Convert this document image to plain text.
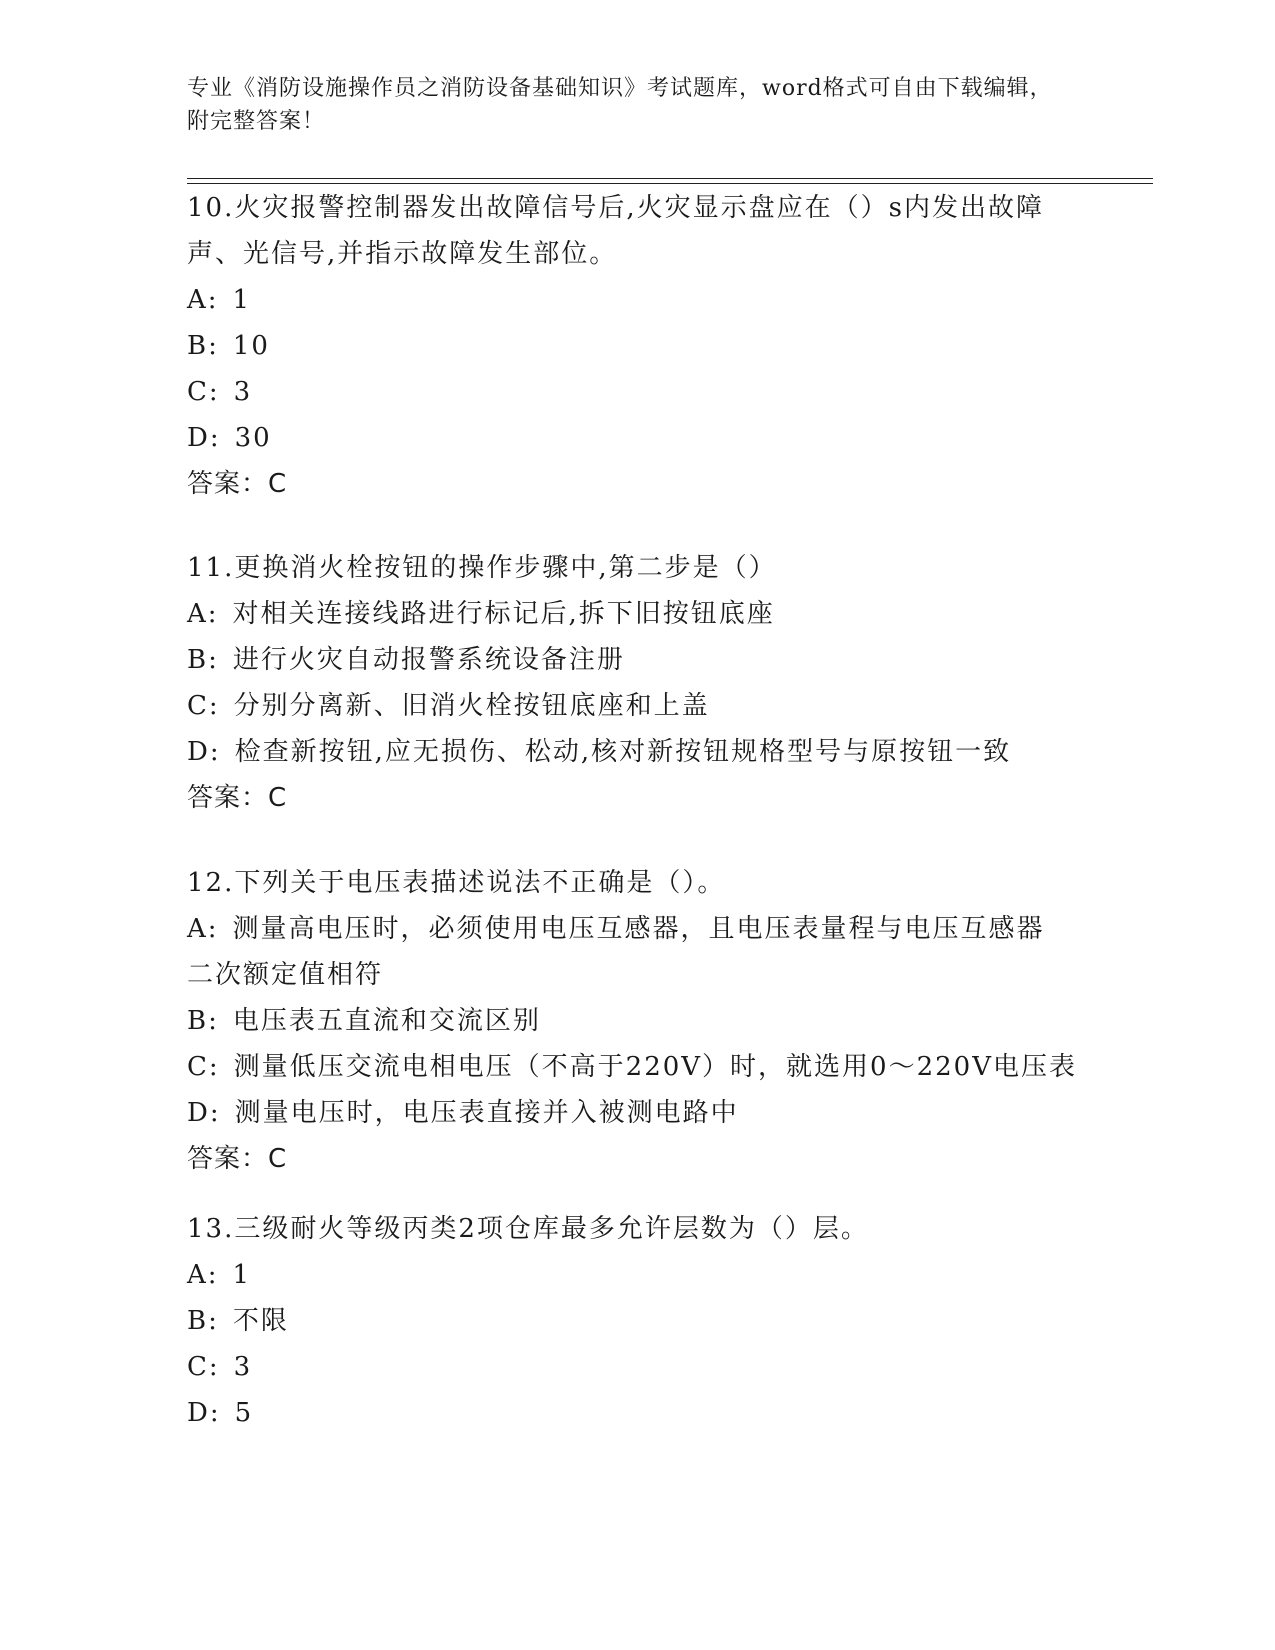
专业《消防设施操作员之消防设备基础知识》考试题库，word格式可自由下载编辑，附完整答案！
10.火灾报警控制器发出故障信号后,火灾显示盘应在（）s内发出故障声、光信号,并指示故障发生部位。
A: 1
B: 10
C: 3
D: 30
答案：C
11.更换消火栓按钮的操作步骤中,第二步是（）
A: 对相关连接线路进行标记后,拆下旧按钮底座
B: 进行火灾自动报警系统设备注册
C: 分别分离新、旧消火栓按钮底座和上盖
D: 检查新按钮,应无损伤、松动,核对新按钮规格型号与原按钮一致
答案：C
12.下列关于电压表描述说法不正确是（）。
A: 测量高电压时，必须使用电压互感器，且电压表量程与电压互感器二次额定值相符
B: 电压表五直流和交流区别
C: 测量低压交流电相电压（不高于220V）时，就选用0～220V电压表
D: 测量电压时，电压表直接并入被测电路中
答案：C
13.三级耐火等级丙类2项仓库最多允许层数为（）层。
A: 1
B: 不限
C: 3
D: 5
